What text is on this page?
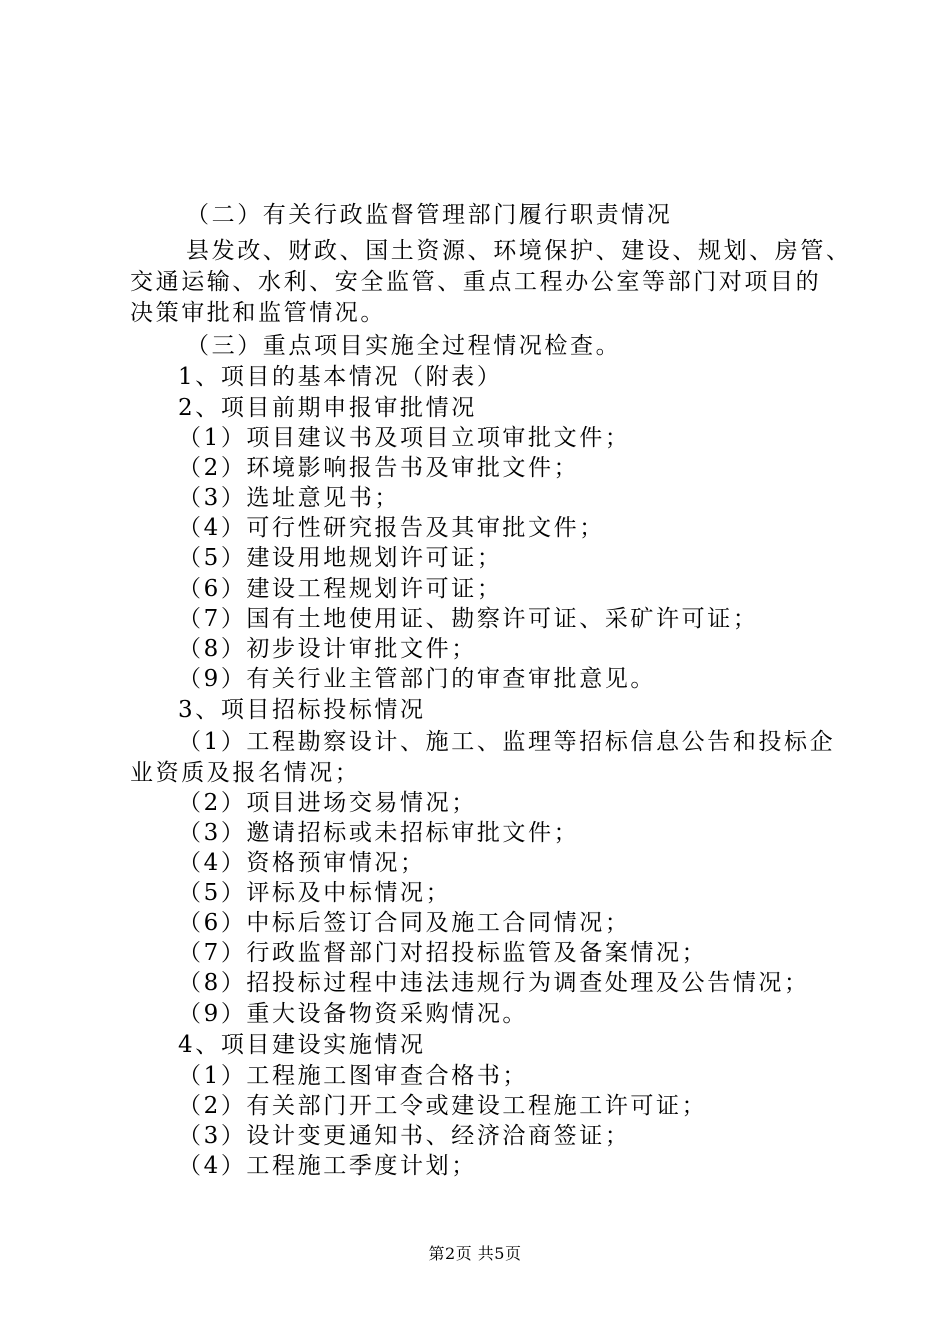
（二）有关行政监督管理部门履行职责情况
县发改、财政、国土资源、环境保护、建设、规划、房管、
交通运输、水利、安全监管、重点工程办公室等部门对项目的
决策审批和监管情况。
（三）重点项目实施全过程情况检查。
1、项目的基本情况（附表）
2、项目前期申报审批情况
（1）项目建议书及项目立项审批文件；
（2）环境影响报告书及审批文件；
（3）选址意见书；
（4）可行性研究报告及其审批文件；
（5）建设用地规划许可证；
（6）建设工程规划许可证；
（7）国有土地使用证、勘察许可证、采矿许可证；
（8）初步设计审批文件；
（9）有关行业主管部门的审查审批意见。
3、项目招标投标情况
（1）工程勘察设计、施工、监理等招标信息公告和投标企
业资质及报名情况；
（2）项目进场交易情况；
（3）邀请招标或未招标审批文件；
（4）资格预审情况；
（5）评标及中标情况；
（6）中标后签订合同及施工合同情况；
（7）行政监督部门对招投标监管及备案情况；
（8）招投标过程中违法违规行为调查处理及公告情况；
（9）重大设备物资采购情况。
4、项目建设实施情况
（1）工程施工图审查合格书；
（2）有关部门开工令或建设工程施工许可证；
（3）设计变更通知书、经济洽商签证；
（4）工程施工季度计划；
第2页 共5页
